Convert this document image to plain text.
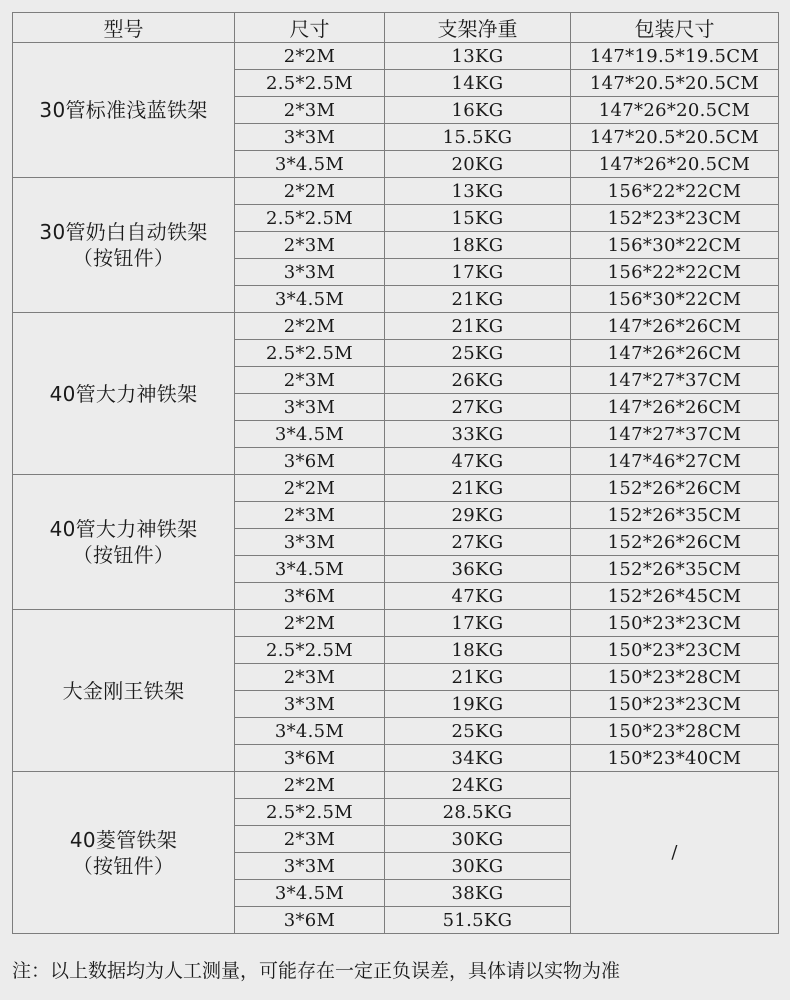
型号	尺寸	支架净重	包装尺寸

30管标准浅蓝铁架	2*2M	13KG	147*19.5*19.5CM
	2.5*2.5M	14KG	147*20.5*20.5CM
	2*3M	16KG	147*26*20.5CM
	3*3M	15.5KG	147*20.5*20.5CM
	3*4.5M	20KG	147*26*20.5CM

30管奶白自动铁架
（按钮件）	2*2M	13KG	156*22*22CM
	2.5*2.5M	15KG	152*23*23CM
	2*3M	18KG	156*30*22CM
	3*3M	17KG	156*22*22CM
	3*4.5M	21KG	156*30*22CM

40管大力神铁架	2*2M	21KG	147*26*26CM
	2.5*2.5M	25KG	147*26*26CM
	2*3M	26KG	147*27*37CM
	3*3M	27KG	147*26*26CM
	3*4.5M	33KG	147*27*37CM
	3*6M	47KG	147*46*27CM

40管大力神铁架
（按钮件）	2*2M	21KG	152*26*26CM
	2*3M	29KG	152*26*35CM
	3*3M	27KG	152*26*26CM
	3*4.5M	36KG	152*26*35CM
	3*6M	47KG	152*26*45CM

大金刚王铁架	2*2M	17KG	150*23*23CM
	2.5*2.5M	18KG	150*23*23CM
	2*3M	21KG	150*23*28CM
	3*3M	19KG	150*23*23CM
	3*4.5M	25KG	150*23*28CM
	3*6M	34KG	150*23*40CM

40菱管铁架
（按钮件）	2*2M	24KG	/
	2.5*2.5M	28.5KG	
	2*3M	30KG	
	3*3M	30KG	
	3*4.5M	38KG	
	3*6M	51.5KG	
注：以上数据均为人工测量，可能存在一定正负误差，具体请以实物为准
